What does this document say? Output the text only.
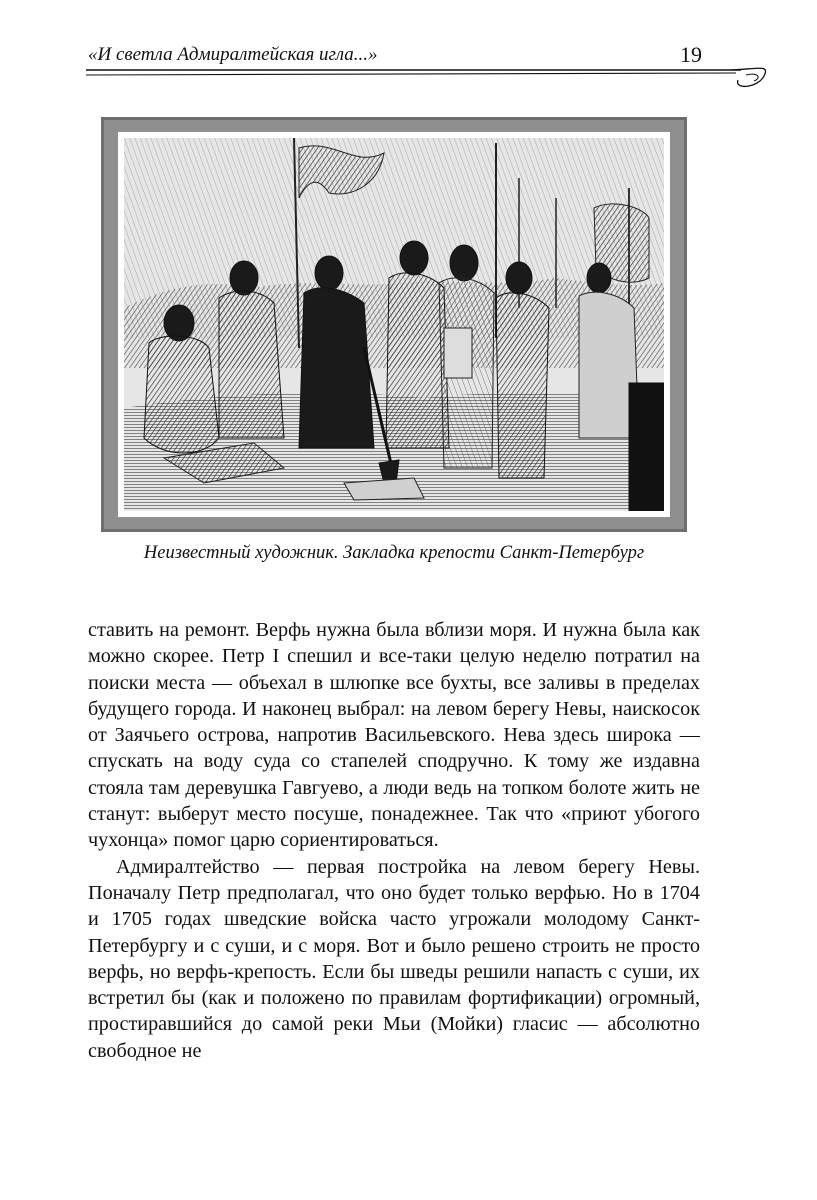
«И светла Адмиралтейская игла...»	19
Неизвестный художник. Закладка крепости Санкт-Петербург

ставить на ремонт. Верфь нужна была вблизи моря. И нужна была как можно скорее. Петр I спешил и все-таки целую неделю потратил на поиски места — объехал в шлюпке все бухты, все заливы в пределах будущего города. И наконец выбрал: на левом берегу Невы, наискосок от Заячьего острова, напротив Васильевского. Нева здесь широка — спускать на воду суда со стапелей сподручно. К тому же издавна стояла там деревушка Гавгуево, а люди ведь на топком болоте жить не станут: выберут место посуше, понадежнее. Так что «приют убогого чухонца» помог царю сориентироваться.

Адмиралтейство — первая постройка на левом берегу Невы. Поначалу Петр предполагал, что оно будет только верфью. Но в 1704 и 1705 годах шведские войска часто угрожали молодому Санкт-Петербургу и с суши, и с моря. Вот и было решено строить не просто верфь, но верфь-крепость. Если бы шведы решили напасть с суши, их встретил бы (как и положено по правилам фортификации) огромный, простиравшийся до самой реки Мьи (Мойки) гласис — абсолютно свободное не
